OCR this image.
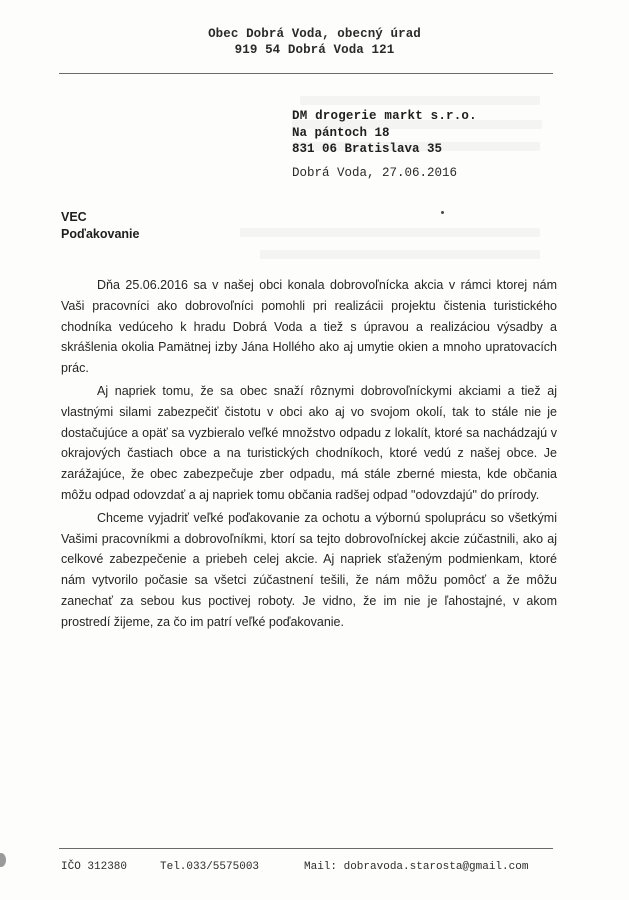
Obec Dobrá Voda, obecný úrad
919 54 Dobrá Voda 121
DM drogerie markt s.r.o.
Na pántoch 18
831 06 Bratislava 35
Dobrá Voda, 27.06.2016
VEC
Poďakovanie

Dňa 25.06.2016 sa v našej obci konala dobrovoľnícka akcia v rámci ktorej nám Vaši pracovníci ako dobrovoľníci pomohli pri realizácii projektu čistenia turistického chodníka vedúceho k hradu Dobrá Voda a tiež s úpravou a realizáciou výsadby a skrášlenia okolia Pamätnej izby Jána Hollého ako aj umytie okien a mnoho upratovacích prác.

Aj napriek tomu, že sa obec snaží rôznymi dobrovoľníckymi akciami a tiež aj vlastnými silami zabezpečiť čistotu v obci ako aj vo svojom okolí, tak to stále nie je dostačujúce a opäť sa vyzbieralo veľké množstvo odpadu z lokalít, ktoré sa nachádzajú v okrajových častiach obce a na turistických chodníkoch, ktoré vedú z našej obce. Je zarážajúce, že obec zabezpečuje zber odpadu, má stále zberné miesta, kde občania môžu odpad odovzdať a aj napriek tomu občania radšej odpad "odovzdajú" do prírody.

Chceme vyjadriť veľké poďakovanie za ochotu a výbornú spoluprácu so všetkými Vašimi pracovníkmi a dobrovoľníkmi, ktorí sa tejto dobrovoľníckej akcie zúčastnili, ako aj celkové zabezpečenie a priebeh celej akcie. Aj napriek sťaženým podmienkam, ktoré nám vytvorilo počasie sa všetci zúčastnení tešili, že nám môžu pomôcť a že môžu zanechať za sebou kus poctivej roboty. Je vidno, že im nie je ľahostajné, v akom prostredí žijeme, za čo im patrí veľké poďakovanie.

IČO 312380	Tel.033/5575003	Mail: dobravoda.starosta@gmail.com
